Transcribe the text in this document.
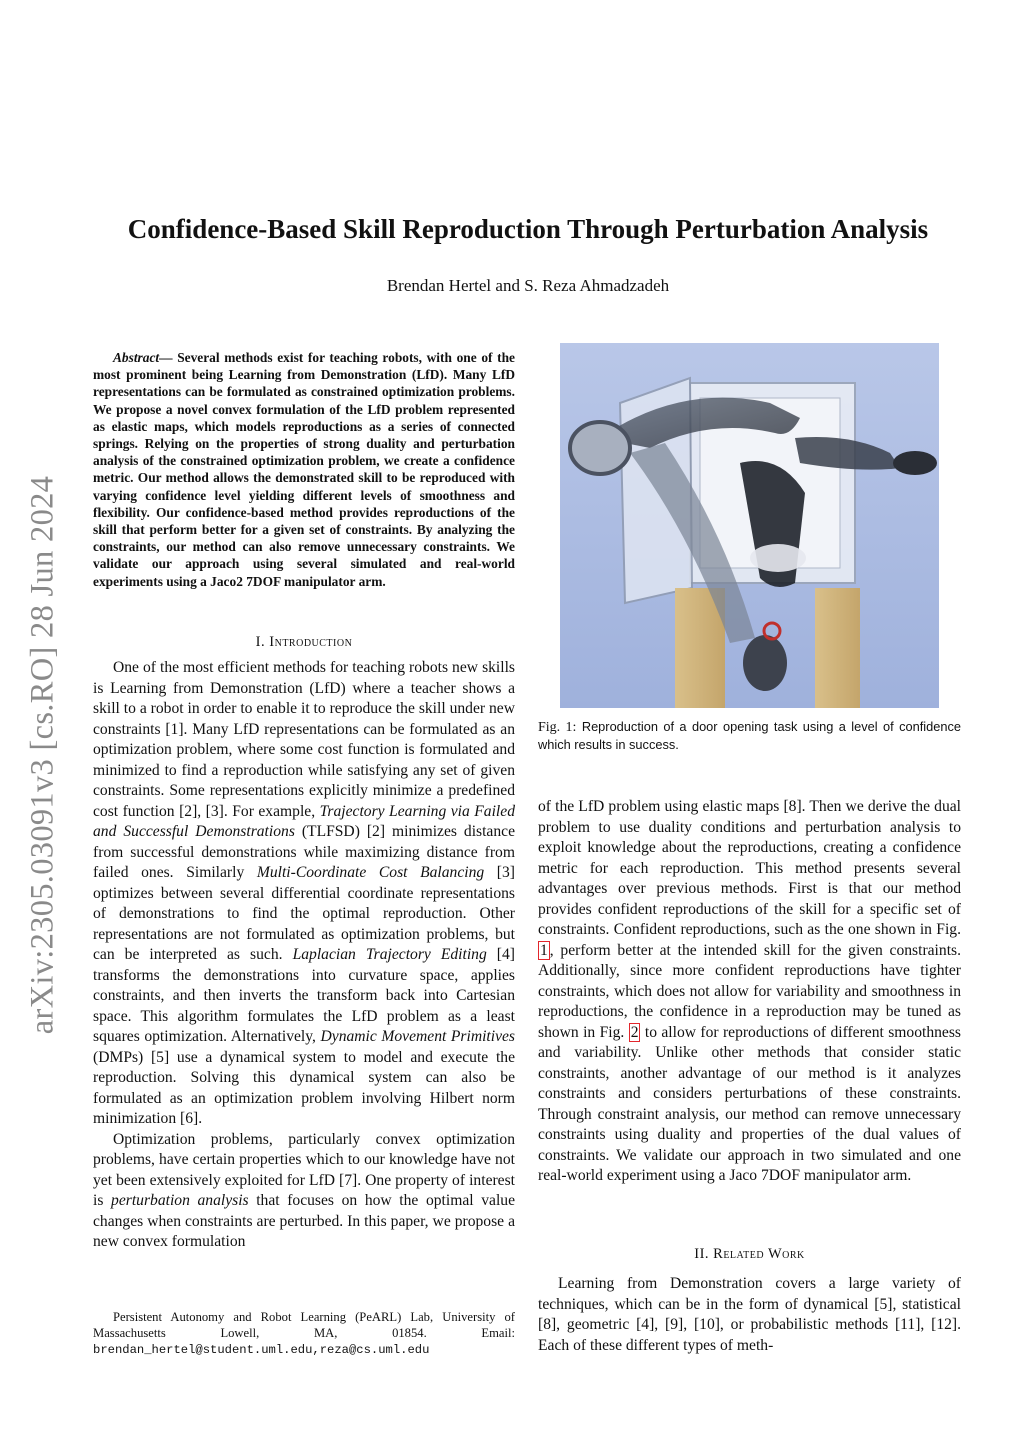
arXiv:2305.03091v3 [cs.RO] 28 Jun 2024
Confidence-Based Skill Reproduction Through Perturbation Analysis
Brendan Hertel and S. Reza Ahmadzadeh
Abstract— Several methods exist for teaching robots, with one of the most prominent being Learning from Demonstration (LfD). Many LfD representations can be formulated as constrained optimization problems. We propose a novel convex formulation of the LfD problem represented as elastic maps, which models reproductions as a series of connected springs. Relying on the properties of strong duality and perturbation analysis of the constrained optimization problem, we create a confidence metric. Our method allows the demonstrated skill to be reproduced with varying confidence level yielding different levels of smoothness and flexibility. Our confidence-based method provides reproductions of the skill that perform better for a given set of constraints. By analyzing the constraints, our method can also remove unnecessary constraints. We validate our approach using several simulated and real-world experiments using a Jaco2 7DOF manipulator arm.
I. Introduction

One of the most efficient methods for teaching robots new skills is Learning from Demonstration (LfD) where a teacher shows a skill to a robot in order to enable it to reproduce the skill under new constraints [1]. Many LfD representations can be formulated as an optimization problem, where some cost function is formulated and minimized to find a reproduction while satisfying any set of given constraints. Some representations explicitly minimize a predefined cost function [2], [3]. For example, Trajectory Learning via Failed and Successful Demonstrations (TLFSD) [2] minimizes distance from successful demonstrations while maximizing distance from failed ones. Similarly Multi-Coordinate Cost Balancing [3] optimizes between several differential coordinate representations of demonstrations to find the optimal reproduction. Other representations are not formulated as optimization problems, but can be interpreted as such. Laplacian Trajectory Editing [4] transforms the demonstrations into curvature space, applies constraints, and then inverts the transform back into Cartesian space. This algorithm formulates the LfD problem as a least squares optimization. Alternatively, Dynamic Movement Primitives (DMPs) [5] use a dynamical system to model and execute the reproduction. Solving this dynamical system can also be formulated as an optimization problem involving Hilbert norm minimization [6].

Optimization problems, particularly convex optimization problems, have certain properties which to our knowledge have not yet been extensively exploited for LfD [7]. One property of interest is perturbation analysis that focuses on how the optimal value changes when constraints are perturbed. In this paper, we propose a new convex formulation

Persistent Autonomy and Robot Learning (PeARL) Lab, University of Massachusetts Lowell, MA, 01854. Email: brendan_hertel@student.uml.edu,reza@cs.uml.edu
Fig. 1: Reproduction of a door opening task using a level of confidence which results in success.

of the LfD problem using elastic maps [8]. Then we derive the dual problem to use duality conditions and perturbation analysis to exploit knowledge about the reproductions, creating a confidence metric for each reproduction. This method presents several advantages over previous methods. First is that our method provides confident reproductions of the skill for a specific set of constraints. Confident reproductions, such as the one shown in Fig. 1 , perform better at the intended skill for the given constraints. Additionally, since more confident reproductions have tighter constraints, which does not allow for variability and smoothness in reproductions, the confidence in a reproduction may be tuned as shown in Fig. 2 to allow for reproductions of different smoothness and variability. Unlike other methods that consider static constraints, another advantage of our method is it analyzes constraints and considers perturbations of these constraints. Through constraint analysis, our method can remove unnecessary constraints using duality and properties of the dual values of constraints. We validate our approach in two simulated and one real-world experiment using a Jaco 7DOF manipulator arm.

II. Related Work

Learning from Demonstration covers a large variety of techniques, which can be in the form of dynamical [5], statistical [8], geometric [4], [9], [10], or probabilistic methods [11], [12]. Each of these different types of meth-
